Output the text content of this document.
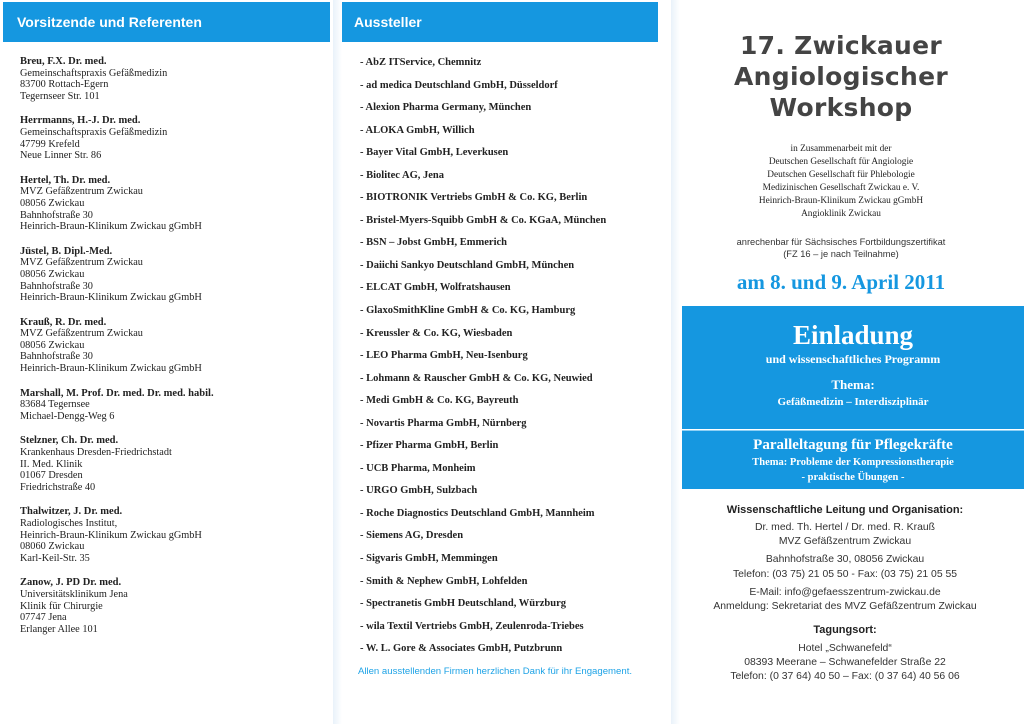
Vorsitzende und Referenten
Breu, F.X. Dr. med.
Gemeinschaftspraxis Gefäßmedizin
83700 Rottach-Egern
Tegernseer Str. 101
Herrmanns, H.-J. Dr. med.
Gemeinschaftspraxis Gefäßmedizin
47799 Krefeld
Neue Linner Str. 86
Hertel, Th. Dr. med.
MVZ Gefäßzentrum Zwickau
08056 Zwickau
Bahnhofstraße 30
Heinrich-Braun-Klinikum Zwickau gGmbH
Jüstel, B. Dipl.-Med.
MVZ Gefäßzentrum Zwickau
08056 Zwickau
Bahnhofstraße 30
Heinrich-Braun-Klinikum Zwickau gGmbH
Krauß, R. Dr. med.
MVZ Gefäßzentrum Zwickau
08056 Zwickau
Bahnhofstraße 30
Heinrich-Braun-Klinikum Zwickau gGmbH
Marshall, M. Prof. Dr. med. Dr. med. habil.
83684 Tegernsee
Michael-Dengg-Weg 6
Stelzner, Ch. Dr. med.
Krankenhaus Dresden-Friedrichstadt
II. Med. Klinik
01067 Dresden
Friedrichstraße 40
Thalwitzer, J. Dr. med.
Radiologisches Institut,
Heinrich-Braun-Klinikum Zwickau gGmbH
08060 Zwickau
Karl-Keil-Str. 35
Zanow, J. PD Dr. med.
Universitätsklinikum Jena
Klinik für Chirurgie
07747 Jena
Erlanger Allee 101
Aussteller
- AbZ ITService, Chemnitz
- ad medica Deutschland GmbH, Düsseldorf
- Alexion Pharma Germany, München
- ALOKA GmbH, Willich
- Bayer Vital GmbH, Leverkusen
- Biolitec AG, Jena
- BIOTRONIK Vertriebs GmbH & Co. KG, Berlin
- Bristel-Myers-Squibb GmbH & Co. KGaA, München
- BSN – Jobst GmbH, Emmerich
- Daiichi Sankyo Deutschland GmbH, München
- ELCAT GmbH, Wolfratshausen
- GlaxoSmithKline GmbH & Co. KG, Hamburg
- Kreussler & Co. KG, Wiesbaden
- LEO Pharma GmbH, Neu-Isenburg
- Lohmann & Rauscher GmbH & Co. KG, Neuwied
- Medi GmbH & Co. KG, Bayreuth
- Novartis Pharma GmbH, Nürnberg
- Pfizer Pharma GmbH, Berlin
- UCB Pharma, Monheim
- URGO GmbH, Sulzbach
- Roche Diagnostics Deutschland GmbH, Mannheim
- Siemens AG, Dresden
- Sigvaris GmbH, Memmingen
- Smith & Nephew GmbH, Lohfelden
- Spectranetis GmbH Deutschland, Würzburg
- wila Textil Vertriebs GmbH, Zeulenroda-Triebes
- W. L. Gore & Associates GmbH, Putzbrunn
Allen ausstellenden Firmen herzlichen Dank für ihr Engagement.
17. Zwickauer
Angiologischer
Workshop
in Zusammenarbeit mit der
Deutschen Gesellschaft für Angiologie
Deutschen Gesellschaft für Phlebologie
Medizinischen Gesellschaft Zwickau e. V.
Heinrich-Braun-Klinikum Zwickau gGmbH
Angioklinik Zwickau
anrechenbar für Sächsisches Fortbildungszertifikat
(FZ 16 – je nach Teilnahme)
am 8. und 9. April 2011
Einladung
und wissenschaftliches Programm
Thema:
Gefäßmedizin – Interdisziplinär
Paralleltagung für Pflegekräfte
Thema: Probleme der Kompressionstherapie
- praktische Übungen -
Wissenschaftliche Leitung und Organisation:
Dr. med. Th. Hertel / Dr. med. R. Krauß
MVZ Gefäßzentrum Zwickau
Bahnhofstraße 30, 08056 Zwickau
Telefon: (03 75) 21 05 50 - Fax: (03 75) 21 05 55
E-Mail: info@gefaesszentrum-zwickau.de
Anmeldung: Sekretariat des MVZ Gefäßzentrum Zwickau
Tagungsort:
Hotel „Schwanefeld“
08393 Meerane – Schwanefelder Straße 22
Telefon: (0 37 64) 40 50 – Fax: (0 37 64) 40 56 06
